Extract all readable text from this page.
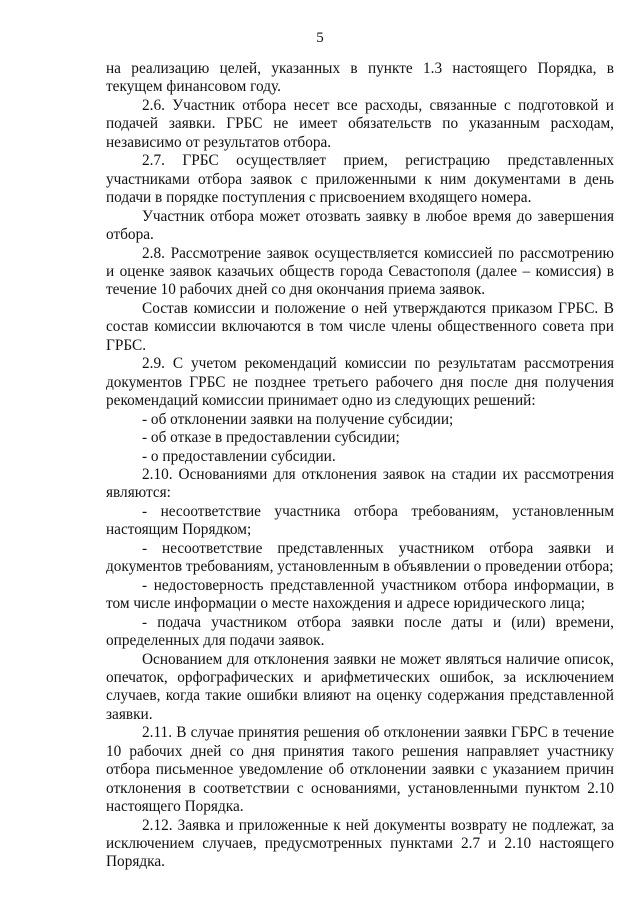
5

на реализацию целей, указанных в пункте 1.3 настоящего Порядка, в текущем финансовом году.

2.6. Участник отбора несет все расходы, связанные с подготовкой и подачей заявки. ГРБС не имеет обязательств по указанным расходам, независимо от результатов отбора.

2.7. ГРБС осуществляет прием, регистрацию представленных участниками отбора заявок с приложенными к ним документами в день подачи в порядке поступления с присвоением входящего номера.

Участник отбора может отозвать заявку в любое время до завершения отбора.

2.8. Рассмотрение заявок осуществляется комиссией по рассмотрению и оценке заявок казачьих обществ города Севастополя (далее – комиссия) в течение 10 рабочих дней со дня окончания приема заявок.

Состав комиссии и положение о ней утверждаются приказом ГРБС. В состав комиссии включаются в том числе члены общественного совета при ГРБС.

2.9. С учетом рекомендаций комиссии по результатам рассмотрения документов ГРБС не позднее третьего рабочего дня после дня получения рекомендаций комиссии принимает одно из следующих решений:

- об отклонении заявки на получение субсидии;

- об отказе в предоставлении субсидии;

- о предоставлении субсидии.

2.10. Основаниями для отклонения заявок на стадии их рассмотрения являются:

- несоответствие участника отбора требованиям, установленным настоящим Порядком;

- несоответствие представленных участником отбора заявки и документов требованиям, установленным в объявлении о проведении отбора;

- недостоверность представленной участником отбора информации, в том числе информации о месте нахождения и адресе юридического лица;

- подача участником отбора заявки после даты и (или) времени, определенных для подачи заявок.

Основанием для отклонения заявки не может являться наличие описок, опечаток, орфографических и арифметических ошибок, за исключением случаев, когда такие ошибки влияют на оценку содержания представленной заявки.

2.11. В случае принятия решения об отклонении заявки ГБРС в течение 10 рабочих дней со дня принятия такого решения направляет участнику отбора письменное уведомление об отклонении заявки с указанием причин отклонения в соответствии с основаниями, установленными пунктом 2.10 настоящего Порядка.

2.12. Заявка и приложенные к ней документы возврату не подлежат, за исключением случаев, предусмотренных пунктами 2.7 и 2.10 настоящего Порядка.
